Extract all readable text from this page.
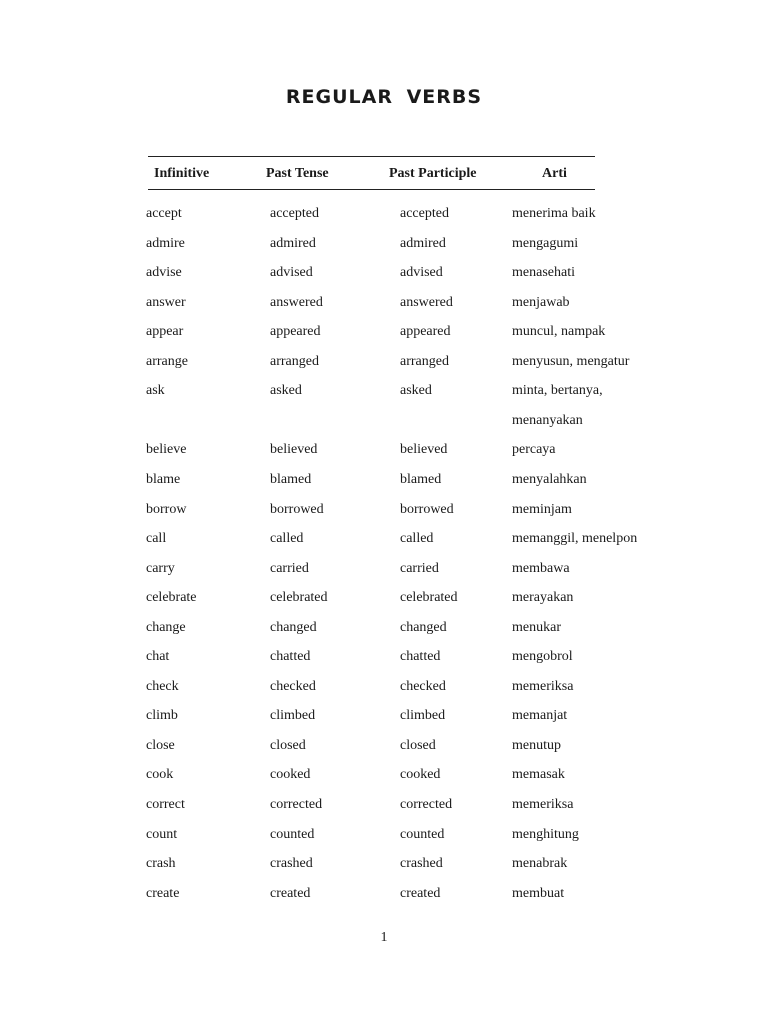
REGULAR VERBS
Infinitive	Past Tense	Past Participle	Arti
accept	accepted	accepted	menerima baik
admire	admired	admired	mengagumi
advise	advised	advised	menasehati
answer	answered	answered	menjawab
appear	appeared	appeared	muncul, nampak
arrange	arranged	arranged	menyusun, mengatur
ask	asked	asked	minta, bertanya,
menanyakan
believe	believed	believed	percaya
blame	blamed	blamed	menyalahkan
borrow	borrowed	borrowed	meminjam
call	called	called	memanggil, menelpon
carry	carried	carried	membawa
celebrate	celebrated	celebrated	merayakan
change	changed	changed	menukar
chat	chatted	chatted	mengobrol
check	checked	checked	memeriksa
climb	climbed	climbed	memanjat
close	closed	closed	menutup
cook	cooked	cooked	memasak
correct	corrected	corrected	memeriksa
count	counted	counted	menghitung
crash	crashed	crashed	menabrak
create	created	created	membuat
1
